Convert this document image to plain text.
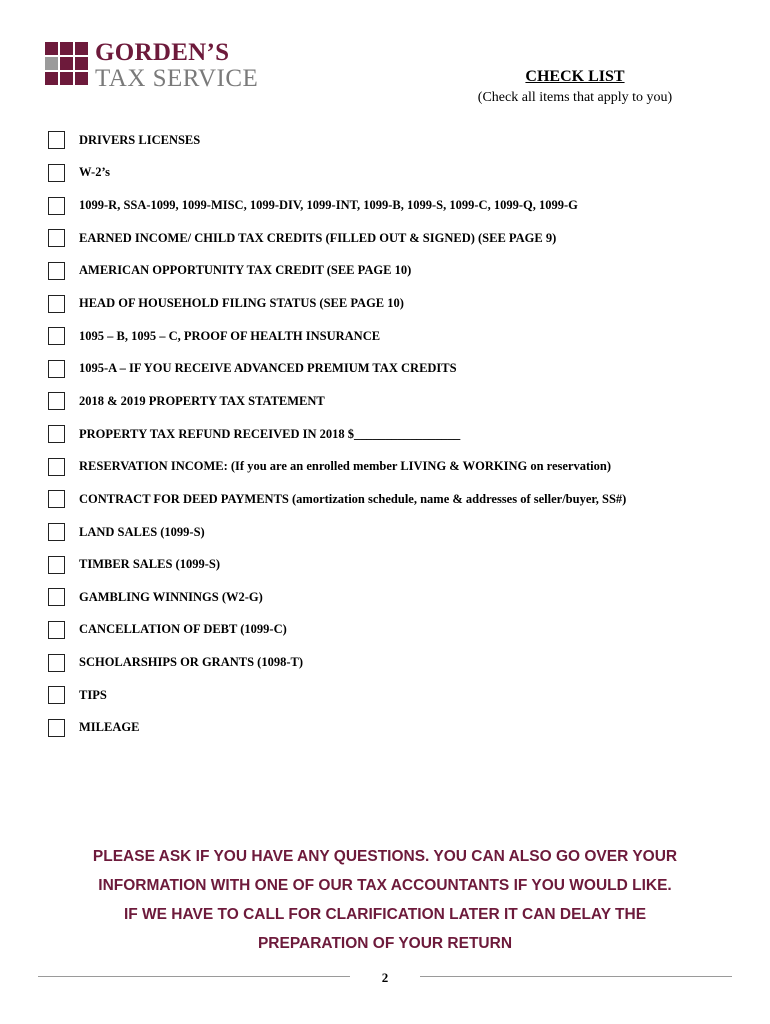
GORDEN’S
TAX SERVICE	CHECK LIST
(Check all items that apply to you)
DRIVERS LICENSES
W-2’s
1099-R, SSA-1099, 1099-MISC, 1099-DIV, 1099-INT, 1099-B, 1099-S, 1099-C, 1099-Q, 1099-G
EARNED INCOME/ CHILD TAX CREDITS (FILLED OUT & SIGNED) (SEE PAGE 9)
AMERICAN OPPORTUNITY TAX CREDIT (SEE PAGE 10)
HEAD OF HOUSEHOLD FILING STATUS (SEE PAGE 10)
1095 – B, 1095 – C, PROOF OF HEALTH INSURANCE
1095-A – IF YOU RECEIVE ADVANCED PREMIUM TAX CREDITS
2018 & 2019 PROPERTY TAX STATEMENT
PROPERTY TAX REFUND RECEIVED IN 2018 $_________________
RESERVATION INCOME: (If you are an enrolled member LIVING & WORKING on reservation)
CONTRACT FOR DEED PAYMENTS (amortization schedule, name & addresses of seller/buyer, SS#)
LAND SALES (1099-S)
TIMBER SALES (1099-S)
GAMBLING WINNINGS (W2-G)
CANCELLATION OF DEBT (1099-C)
SCHOLARSHIPS OR GRANTS (1098-T)
TIPS
MILEAGE
PLEASE ASK IF YOU HAVE ANY QUESTIONS. YOU CAN ALSO GO OVER YOUR
INFORMATION WITH ONE OF OUR TAX ACCOUNTANTS IF YOU WOULD LIKE.
IF WE HAVE TO CALL FOR CLARIFICATION LATER IT CAN DELAY THE
PREPARATION OF YOUR RETURN
2
